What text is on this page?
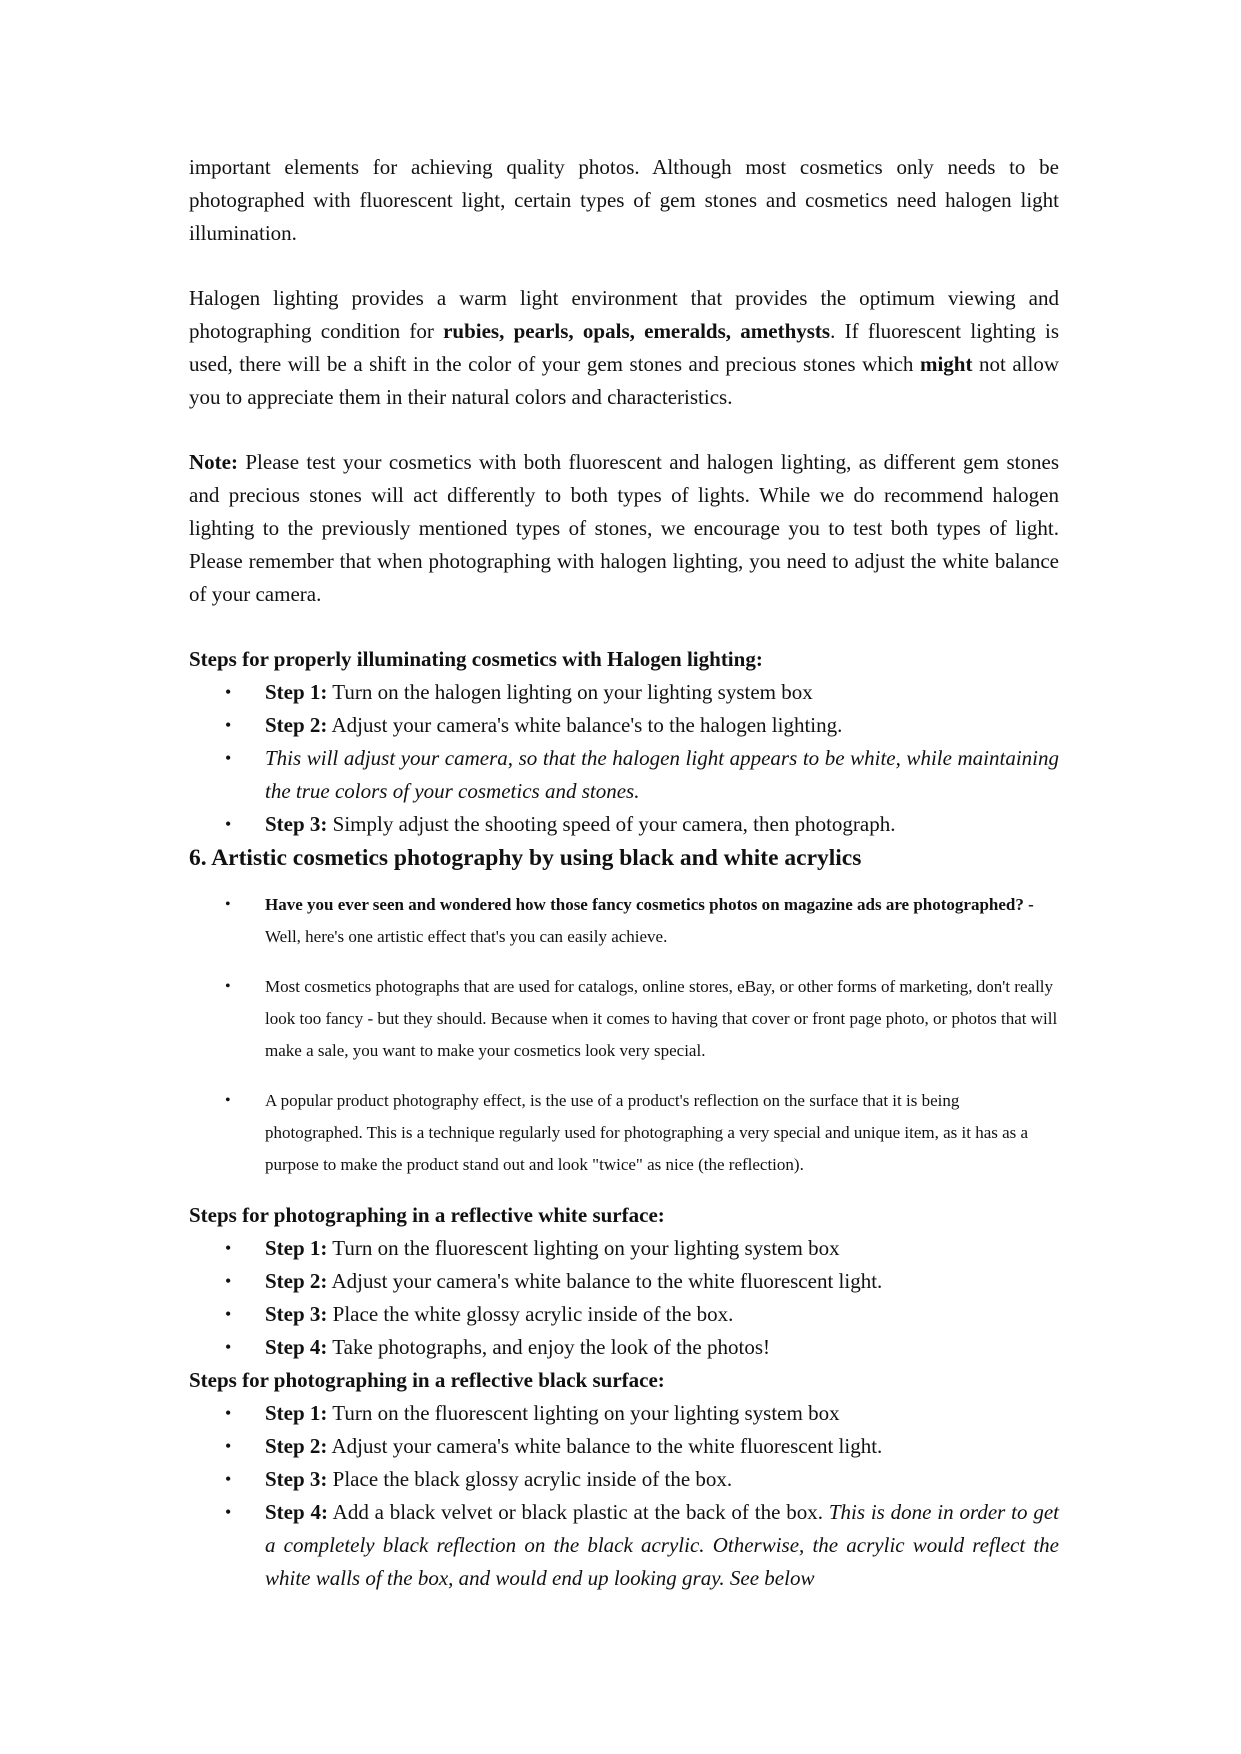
important elements for achieving quality photos. Although most cosmetics only needs to be photographed with fluorescent light, certain types of gem stones and cosmetics need halogen light illumination.

Halogen lighting provides a warm light environment that provides the optimum viewing and photographing condition for rubies, pearls, opals, emeralds, amethysts. If fluorescent lighting is used, there will be a shift in the color of your gem stones and precious stones which might not allow you to appreciate them in their natural colors and characteristics.

Note: Please test your cosmetics with both fluorescent and halogen lighting, as different gem stones and precious stones will act differently to both types of lights. While we do recommend halogen lighting to the previously mentioned types of stones, we encourage you to test both types of light. Please remember that when photographing with halogen lighting, you need to adjust the white balance of your camera.

Steps for properly illuminating cosmetics with Halogen lighting:
• Step 1: Turn on the halogen lighting on your lighting system box
• Step 2: Adjust your camera's white balance's to the halogen lighting.
• This will adjust your camera, so that the halogen light appears to be white, while maintaining the true colors of your cosmetics and stones.
• Step 3: Simply adjust the shooting speed of your camera, then photograph.
6. Artistic cosmetics photography by using black and white acrylics
• Have you ever seen and wondered how those fancy cosmetics photos on magazine ads are photographed? - Well, here's one artistic effect that's you can easily achieve.
• Most cosmetics photographs that are used for catalogs, online stores, eBay, or other forms of marketing, don't really look too fancy - but they should. Because when it comes to having that cover or front page photo, or photos that will make a sale, you want to make your cosmetics look very special.
• A popular product photography effect, is the use of a product's reflection on the surface that it is being photographed. This is a technique regularly used for photographing a very special and unique item, as it has as a purpose to make the product stand out and look "twice" as nice (the reflection).
Steps for photographing in a reflective white surface:
• Step 1: Turn on the fluorescent lighting on your lighting system box
• Step 2: Adjust your camera's white balance to the white fluorescent light.
• Step 3: Place the white glossy acrylic inside of the box.
• Step 4: Take photographs, and enjoy the look of the photos!
Steps for photographing in a reflective black surface:
• Step 1: Turn on the fluorescent lighting on your lighting system box
• Step 2: Adjust your camera's white balance to the white fluorescent light.
• Step 3: Place the black glossy acrylic inside of the box.
• Step 4: Add a black velvet or black plastic at the back of the box. This is done in order to get a completely black reflection on the black acrylic. Otherwise, the acrylic would reflect the white walls of the box, and would end up looking gray. See below
